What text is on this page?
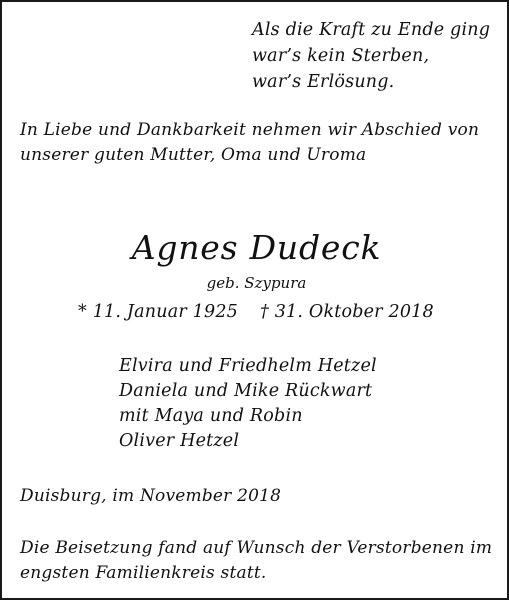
Als die Kraft zu Ende ging
war’s kein Sterben,
war’s Erlösung.
In Liebe und Dankbarkeit nehmen wir Abschied von
unserer guten Mutter, Oma und Uroma
Agnes Dudeck
geb. Szypura
* 11. Januar 1925 † 31. Oktober 2018
Elvira und Friedhelm Hetzel
Daniela und Mike Rückwart
mit Maya und Robin
Oliver Hetzel
Duisburg, im November 2018
Die Beisetzung fand auf Wunsch der Verstorbenen im
engsten Familienkreis statt.
